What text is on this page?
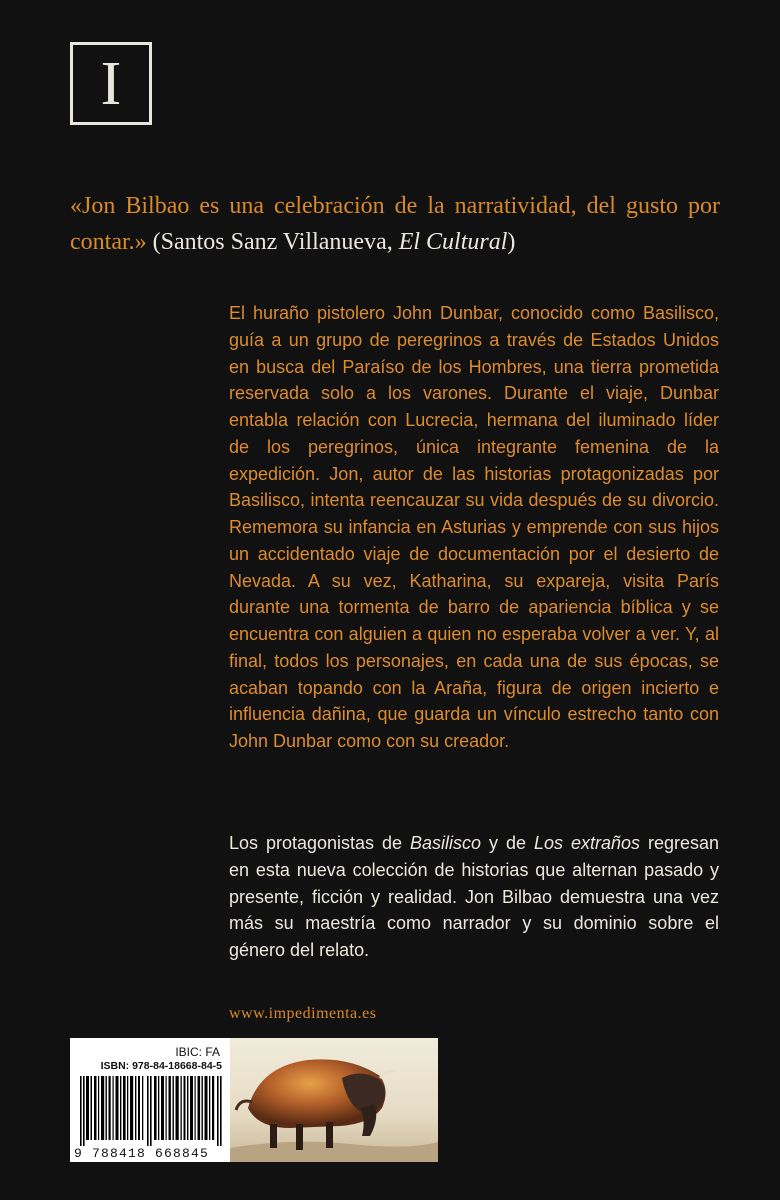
I
«Jon Bilbao es una celebración de la narratividad, del gusto por contar.» (Santos Sanz Villanueva, El Cultural)
El huraño pistolero John Dunbar, conocido como Basilisco, guía a un grupo de peregrinos a través de Estados Unidos en busca del Paraíso de los Hombres, una tierra prometida reservada solo a los varones. Durante el viaje, Dunbar entabla relación con Lucrecia, hermana del iluminado líder de los peregrinos, única integrante femenina de la expedición. Jon, autor de las historias protagonizadas por Basilisco, intenta reencauzar su vida después de su divorcio. Rememora su infancia en Asturias y emprende con sus hijos un accidentado viaje de documentación por el desierto de Nevada. A su vez, Katharina, su expareja, visita París durante una tormenta de barro de apariencia bíblica y se encuentra con alguien a quien no esperaba volver a ver. Y, al final, todos los personajes, en cada una de sus épocas, se acaban topando con la Araña, figura de origen incierto e influencia dañina, que guarda un vínculo estrecho tanto con John Dunbar como con su creador.
Los protagonistas de Basilisco y de Los extraños regresan en esta nueva colección de historias que alternan pasado y presente, ficción y realidad. Jon Bilbao demuestra una vez más su maestría como narrador y su dominio sobre el género del relato.
www.impedimenta.es
IBIC: FA
ISBN: 978-84-18668-84-5
9 788418 668845
